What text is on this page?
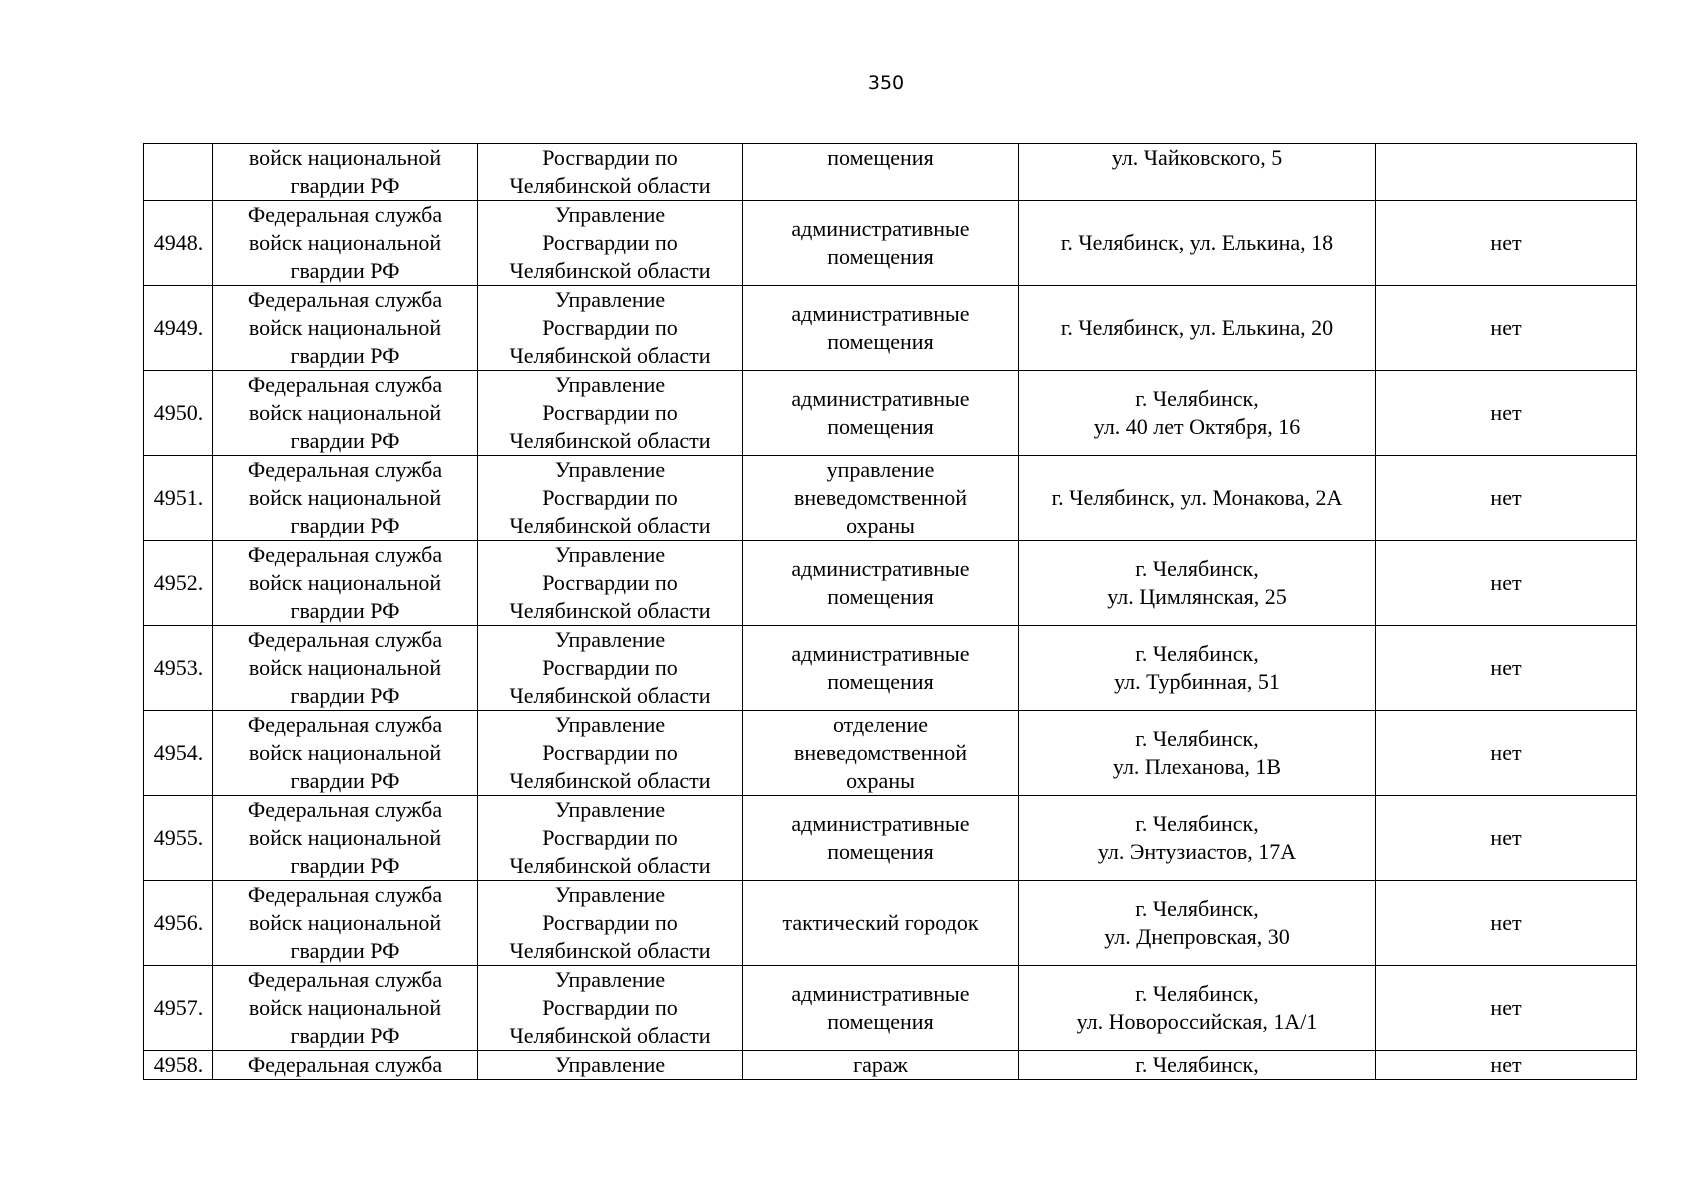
350

	войск национальной
гвардии РФ	Росгвардии по
Челябинской области	помещения	ул. Чайковского, 5	

4948.	Федеральная служба
войск национальной
гвардии РФ	Управление
Росгвардии по
Челябинской области	административные
помещения	г. Челябинск, ул. Елькина, 18	нет
4949.	Федеральная служба
войск национальной
гвардии РФ	Управление
Росгвардии по
Челябинской области	административные
помещения	г. Челябинск, ул. Елькина, 20	нет
4950.	Федеральная служба
войск национальной
гвардии РФ	Управление
Росгвардии по
Челябинской области	административные
помещения	г. Челябинск,
ул. 40 лет Октября, 16	нет
4951.	Федеральная служба
войск национальной
гвардии РФ	Управление
Росгвардии по
Челябинской области	управление
вневедомственной
охраны	г. Челябинск, ул. Монакова, 2А	нет
4952.	Федеральная служба
войск национальной
гвардии РФ	Управление
Росгвардии по
Челябинской области	административные
помещения	г. Челябинск,
ул. Цимлянская, 25	нет
4953.	Федеральная служба
войск национальной
гвардии РФ	Управление
Росгвардии по
Челябинской области	административные
помещения	г. Челябинск,
ул. Турбинная, 51	нет
4954.	Федеральная служба
войск национальной
гвардии РФ	Управление
Росгвардии по
Челябинской области	отделение
вневедомственной
охраны	г. Челябинск,
ул. Плеханова, 1В	нет
4955.	Федеральная служба
войск национальной
гвардии РФ	Управление
Росгвардии по
Челябинской области	административные
помещения	г. Челябинск,
ул. Энтузиастов, 17А	нет
4956.	Федеральная служба
войск национальной
гвардии РФ	Управление
Росгвардии по
Челябинской области	тактический городок	г. Челябинск,
ул. Днепровская, 30	нет
4957.	Федеральная служба
войск национальной
гвардии РФ	Управление
Росгвардии по
Челябинской области	административные
помещения	г. Челябинск,
ул. Новороссийская, 1А/1	нет
4958.	Федеральная служба	Управление	гараж	г. Челябинск,	нет
